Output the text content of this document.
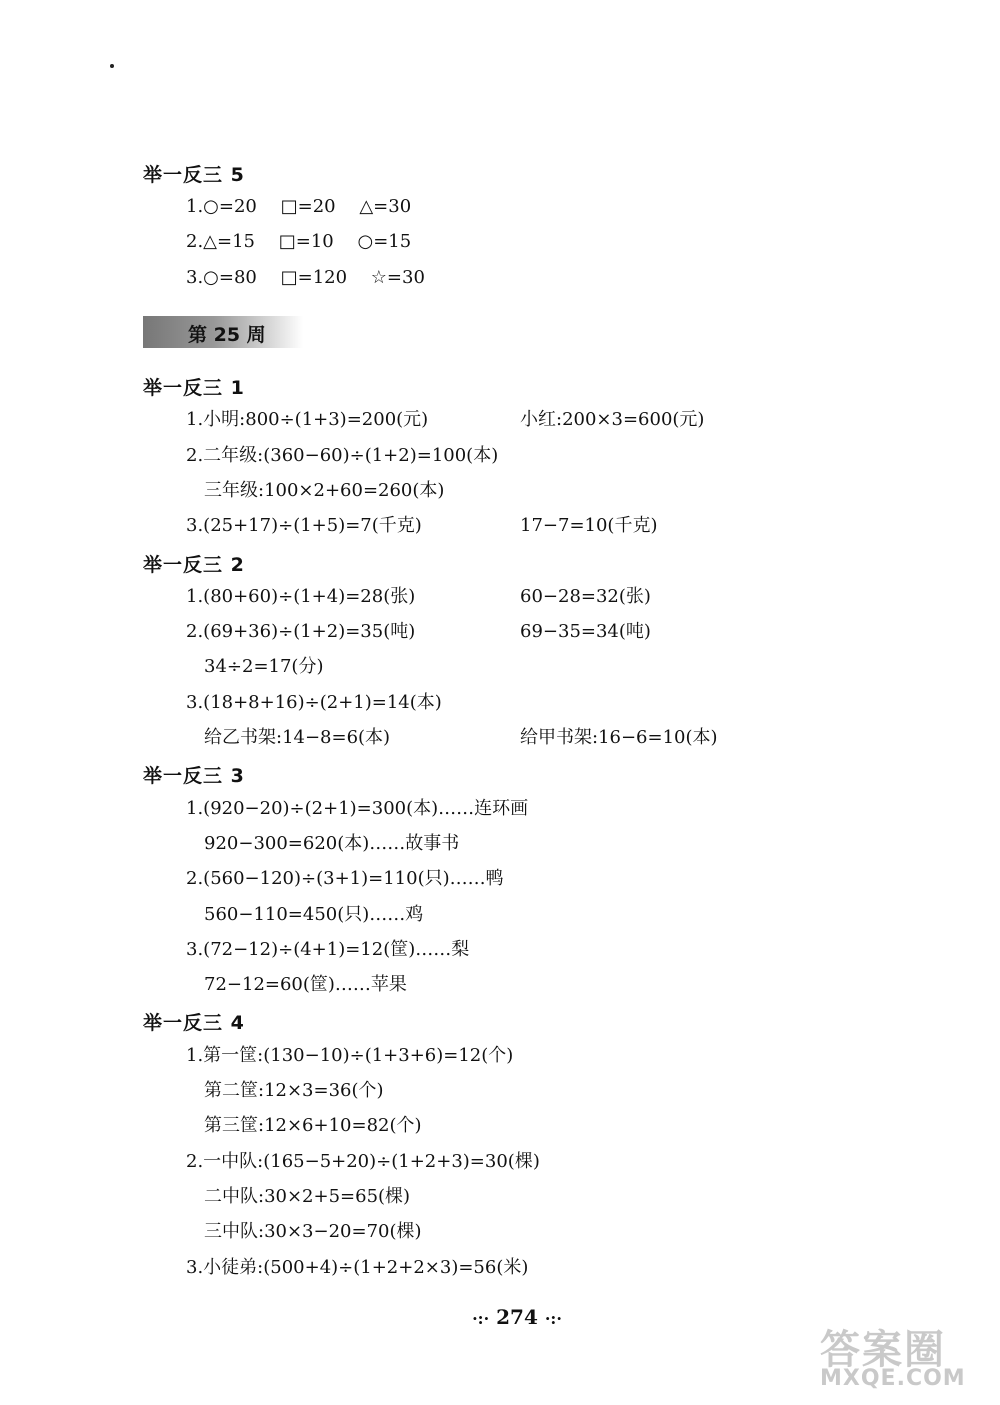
举一反三 5
1.○=20 □=20 △=30
2.△=15 □=10 ○=15
3.○=80 □=120 ☆=30
第 25 周
举一反三 1
1.小明:800÷(1+3)=200(元)	小红:200×3=600(元)
2.二年级:(360−60)÷(1+2)=100(本)
三年级:100×2+60=260(本)
3.(25+17)÷(1+5)=7(千克)	17−7=10(千克)
举一反三 2
1.(80+60)÷(1+4)=28(张)	60−28=32(张)
2.(69+36)÷(1+2)=35(吨)	69−35=34(吨)
34÷2=17(分)
3.(18+8+16)÷(2+1)=14(本)
给乙书架:14−8=6(本)	给甲书架:16−6=10(本)
举一反三 3
1.(920−20)÷(2+1)=300(本)……连环画
920−300=620(本)……故事书
2.(560−120)÷(3+1)=110(只)……鸭
560−110=450(只)……鸡
3.(72−12)÷(4+1)=12(筐)……梨
72−12=60(筐)……苹果
举一反三 4
1.第一筐:(130−10)÷(1+3+6)=12(个)
第二筐:12×3=36(个)
第三筐:12×6+10=82(个)
2.一中队:(165−5+20)÷(1+2+3)=30(棵)
二中队:30×2+5=65(棵)
三中队:30×3−20=70(棵)
3.小徒弟:(500+4)÷(1+2+2×3)=56(米)
·:· 274 ·:·
答案圈
MXQE.COM
